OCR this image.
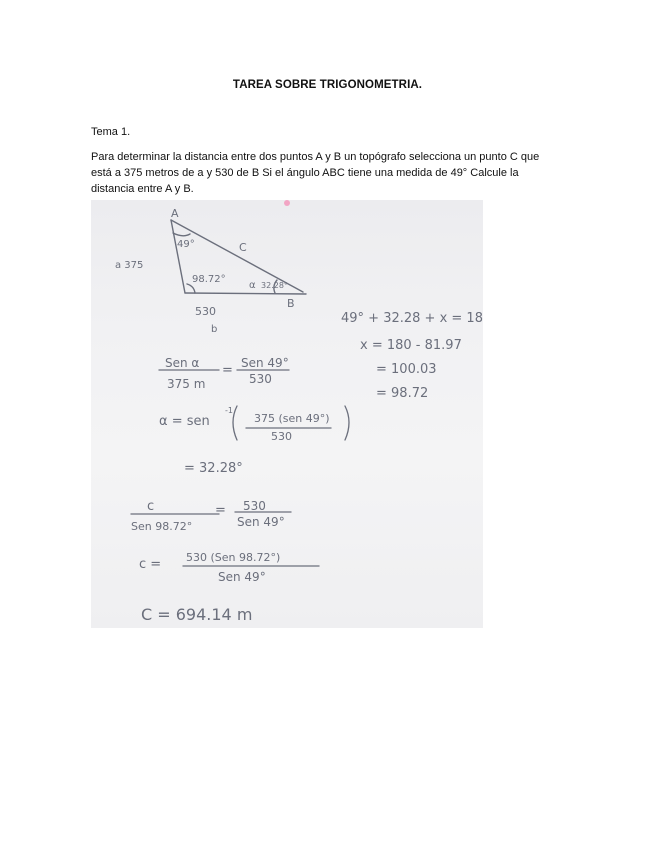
TAREA SOBRE TRIGONOMETRIA.
Tema 1.
Para determinar la distancia entre dos puntos A y B un topógrafo selecciona un punto C que está a 375 metros de a y 530 de B Si el ángulo ABC tiene una medida de 49° Calcule la distancia entre A y B.
A
49°	C
a 375
98.72°
α 32.28°
B
530
b
49° + 32.28 + x = 18
x = 180 - 81.97
= 100.03
= 98.72
Sen α
375 m
= Sen 49°
530
α = sen
-1
375 (sen 49°)
530
= 32.28°
c
Sen 98.72°
= 530
Sen 49°
c = 530 (Sen 98.72°)
Sen 49°
C = 694.14 m
